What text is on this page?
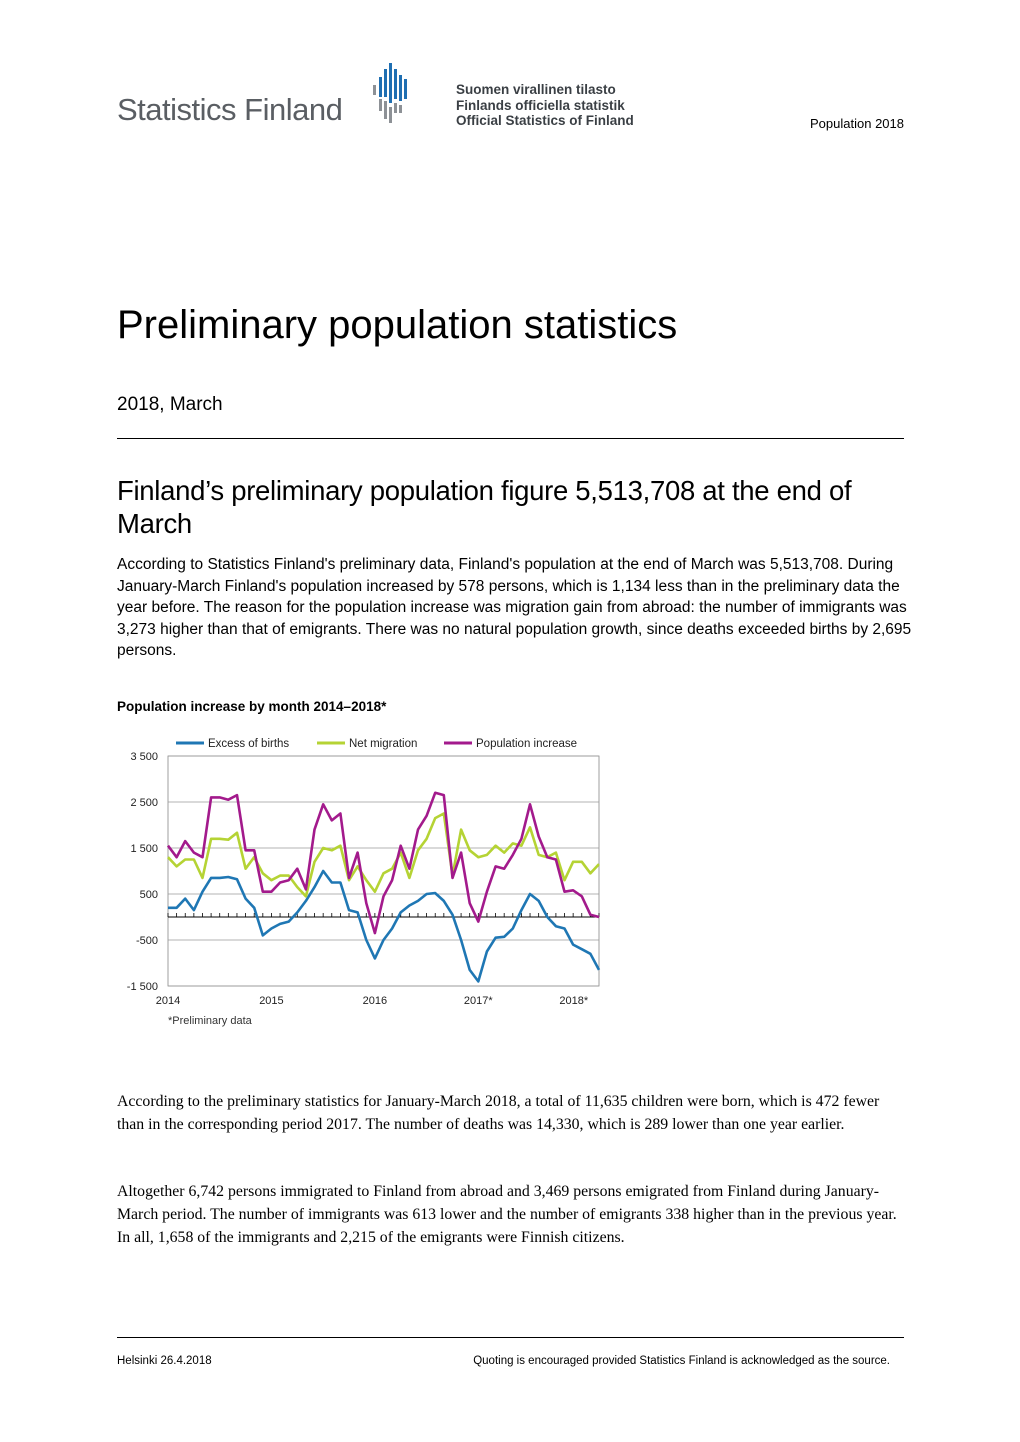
Statistics Finland
Suomen virallinen tilasto
Finlands officiella statistik
Official Statistics of Finland	Population 2018
Preliminary population statistics
2018, March
Finland’s preliminary population figure 5,513,708 at the end of March

According to Statistics Finland's preliminary data, Finland's population at the end of March was 5,513,708. During January-March Finland's population increased by 578 persons, which is 1,134 less than in the preliminary data the year before. The reason for the population increase was migration gain from abroad: the number of immigrants was 3,273 higher than that of emigrants. There was no natural population growth, since deaths exceeded births by 2,695 persons.

Population increase by month 2014–2018*
3 500
2 500
1 500
500
-500
-1 500
2014	2015	2016	2017*	2018*
*Preliminary data
Excess of births	Net migration	Population increase

According to the preliminary statistics for January-March 2018, a total of 11,635 children were born, which is 472 fewer than in the corresponding period 2017. The number of deaths was 14,330, which is 289 lower than one year earlier.

Altogether 6,742 persons immigrated to Finland from abroad and 3,469 persons emigrated from Finland during January-March period. The number of immigrants was 613 lower and the number of emigrants 338 higher than in the previous year. In all, 1,658 of the immigrants and 2,215 of the emigrants were Finnish citizens.

Helsinki 26.4.2018	Quoting is encouraged provided Statistics Finland is acknowledged as the source.
